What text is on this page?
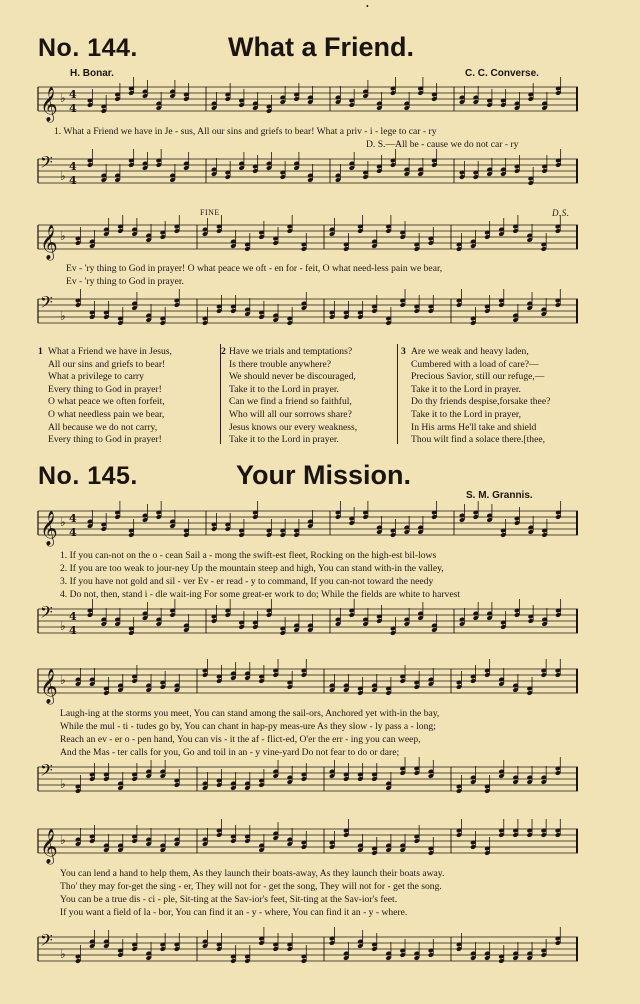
•
No. 144.	What a Friend.
H. Bonar.	C. C. Converse.
𝄞 ♭ 4
4
1. What a Friend we have in Je - sus, All our sins and griefs to bear! What a priv - i - lege to car - ry
D. S.—All be - cause we do not car - ry
𝄢 ♭
4
4
FINE	D.S.
𝄞 ♭
Ev - 'ry thing to God in prayer! O what peace we oft - en for - feit, O what need-less pain we bear,
Ev - 'ry thing to God in prayer.
𝄢 ♭
1 What a Friend we have in Jesus,
All our sins and griefs to bear!
What a privilege to carry
Every thing to God in prayer!
O what peace we often forfeit,
O what needless pain we bear,
All because we do not carry,
Every thing to God in prayer!
2 Have we trials and temptations?
Is there trouble anywhere?
We should never be discouraged,
Take it to the Lord in prayer.
Can we find a friend so faithful,
Who will all our sorrows share?
Jesus knows our every weakness,
Take it to the Lord in prayer.
3 Are we weak and heavy laden,
Cumbered with a load of care?—
Precious Savior, still our refuge,—
Take it to the Lord in prayer.
Do thy friends despise,forsake thee?
Take it to the Lord in prayer,
In His arms He'll take and shield
Thou wilt find a solace there.[thee,
No. 145.	Your Mission.
S. M. Grannis.
𝄞 ♭ 4
4
1. If you can-not on the o - cean Sail a - mong the swift-est fleet, Rocking on the high-est bil-lows
2. If you are too weak to jour-ney Up the mountain steep and high, You can stand with-in the valley,
3. If you have not gold and sil - ver Ev - er read - y to command, If you can-not toward the needy
4. Do not, then, stand i - dle wait-ing For some great-er work to do; While the fields are white to harvest
𝄢 ♭
4
4
𝄞 ♭
Laugh-ing at the storms you meet, You can stand among the sail-ors, Anchored yet with-in the bay,
While the mul - ti - tudes go by, You can chant in hap-py meas-ure As they slow - ly pass a - long;
Reach an ev - er o - pen hand, You can vis - it the af - flict-ed, O'er the err - ing you can weep,
And the Mas - ter calls for you, Go and toil in an - y vine-yard Do not fear to do or dare;
𝄢 ♭
𝄞 ♭
You can lend a hand to help them, As they launch their boats-away, As they launch their boats away.
Tho' they may for-get the sing - er, They will not for - get the song, They will not for - get the song.
You can be a true dis - ci - ple, Sit-ting at the Sav-ior's feet, Sit-ting at the Sav-ior's feet.
If you want a field of la - bor, You can find it an - y - where, You can find it an - y - where.
𝄢 ♭
